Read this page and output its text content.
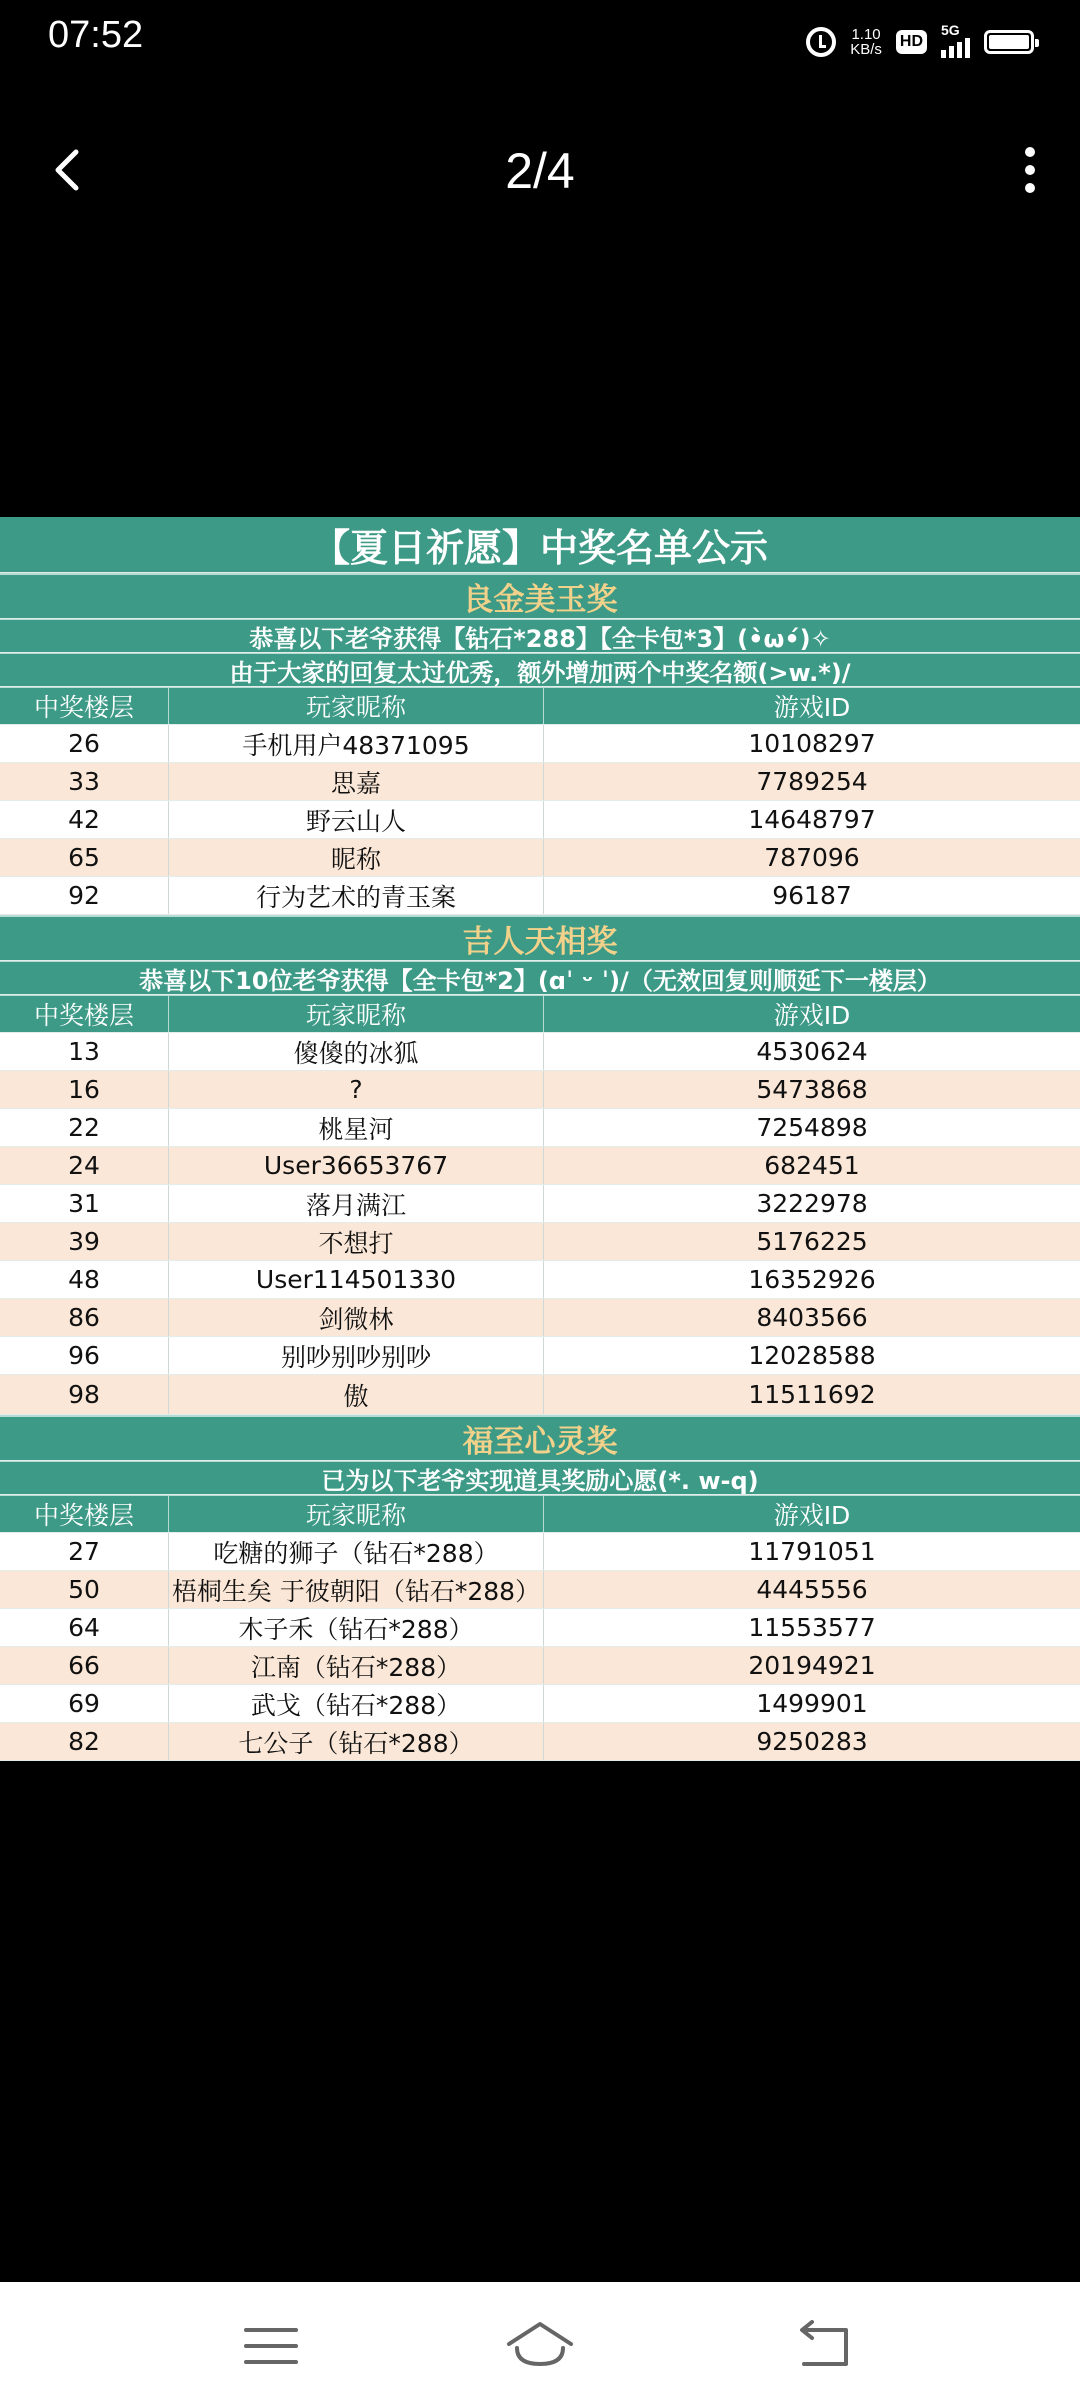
07:52	1.10
KB/s HD
5G
2/4
【夏日祈愿】中奖名单公示
良金美玉奖
恭喜以下老爷获得【钻石*288】【全卡包*3】(•̀ω•́)✧
由于大家的回复太过优秀，额外增加两个中奖名额(>w.*)/
中奖楼层	玩家昵称	游戏ID
26	手机用户48371095	10108297
33	思嘉	7789254
42	野云山人	14648797
65	昵称	787096
92	行为艺术的青玉案	96187
吉人天相奖
恭喜以下10位老爷获得【全卡包*2】(ɑˈ ᵕ ˈ)/（无效回复则顺延下一楼层）
中奖楼层	玩家昵称	游戏ID
13	傻傻的冰狐	4530624
16	?	5473868
22	桃星河	7254898
24	User36653767	682451
31	落月满江	3222978
39	不想打	5176225
48	User114501330	16352926
86	剑微林	8403566
96	别吵别吵别吵	12028588
98	傲	11511692
福至心灵奖
已为以下老爷实现道具奖励心愿(*. w-q)
中奖楼层	玩家昵称	游戏ID
27	吃糖的狮子（钻石*288）	11791051
50	梧桐生矣 于彼朝阳（钻石*288）	4445556
64	木子禾（钻石*288）	11553577
66	江南（钻石*288）	20194921
69	武戈（钻石*288）	1499901
82	七公子（钻石*288）	9250283
